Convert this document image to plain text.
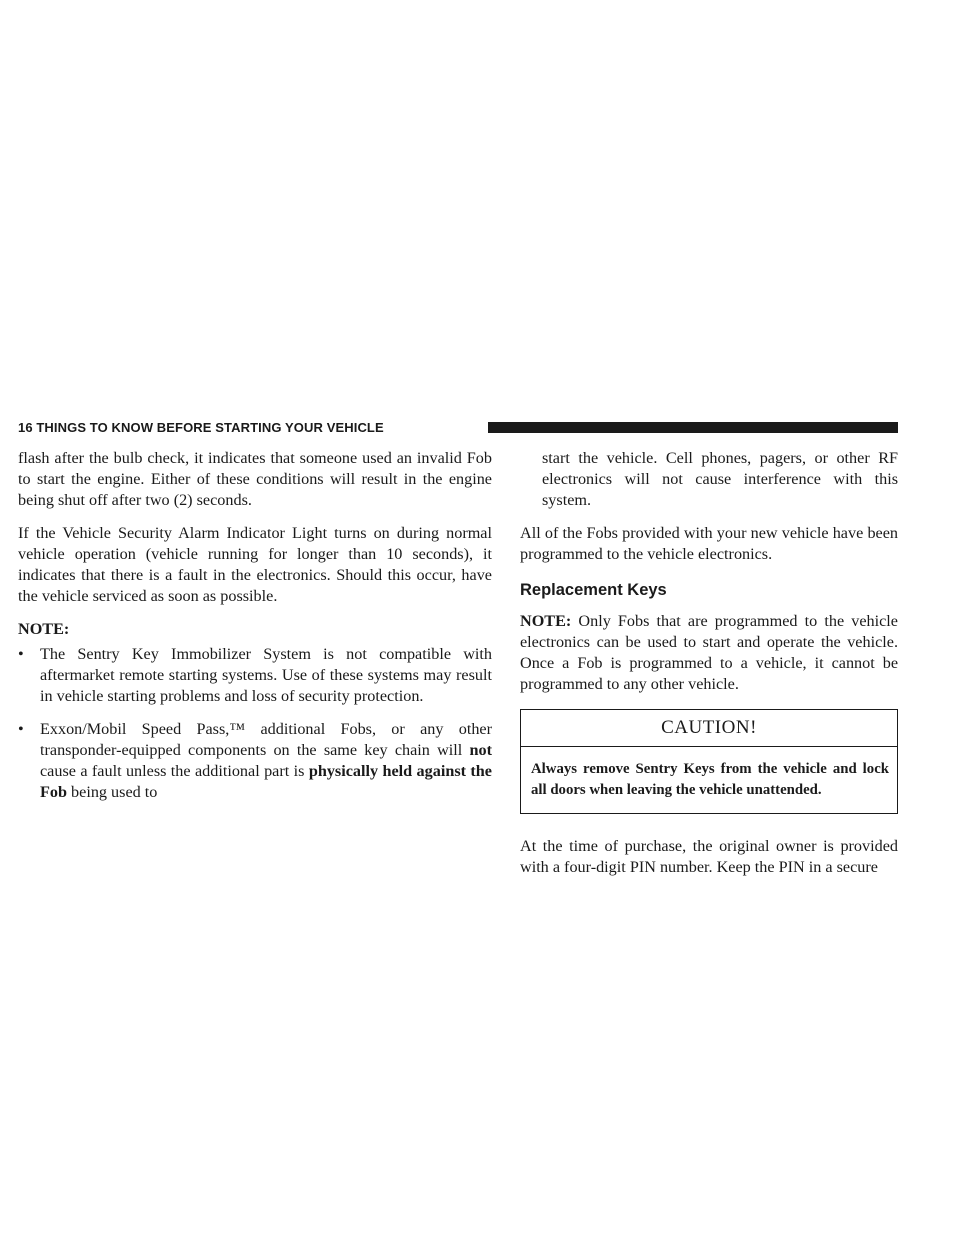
16 THINGS TO KNOW BEFORE STARTING YOUR VEHICLE

flash after the bulb check, it indicates that someone used an invalid Fob to start the engine. Either of these conditions will result in the engine being shut off after two (2) seconds.

If the Vehicle Security Alarm Indicator Light turns on during normal vehicle operation (vehicle running for longer than 10 seconds), it indicates that there is a fault in the electronics. Should this occur, have the vehicle serviced as soon as possible.

NOTE:

• The Sentry Key Immobilizer System is not compatible with aftermarket remote starting systems. Use of these systems may result in vehicle starting problems and loss of security protection.
• Exxon/Mobil Speed Pass,™ additional Fobs, or any other transponder-equipped components on the same key chain will not cause a fault unless the additional part is physically held against the Fob being used to
start the vehicle. Cell phones, pagers, or other RF electronics will not cause interference with this system.

All of the Fobs provided with your new vehicle have been programmed to the vehicle electronics.

Replacement Keys

NOTE: Only Fobs that are programmed to the vehicle electronics can be used to start and operate the vehicle. Once a Fob is programmed to a vehicle, it cannot be programmed to any other vehicle.

CAUTION!
Always remove Sentry Keys from the vehicle and lock all doors when leaving the vehicle unattended.

At the time of purchase, the original owner is provided with a four-digit PIN number. Keep the PIN in a secure
